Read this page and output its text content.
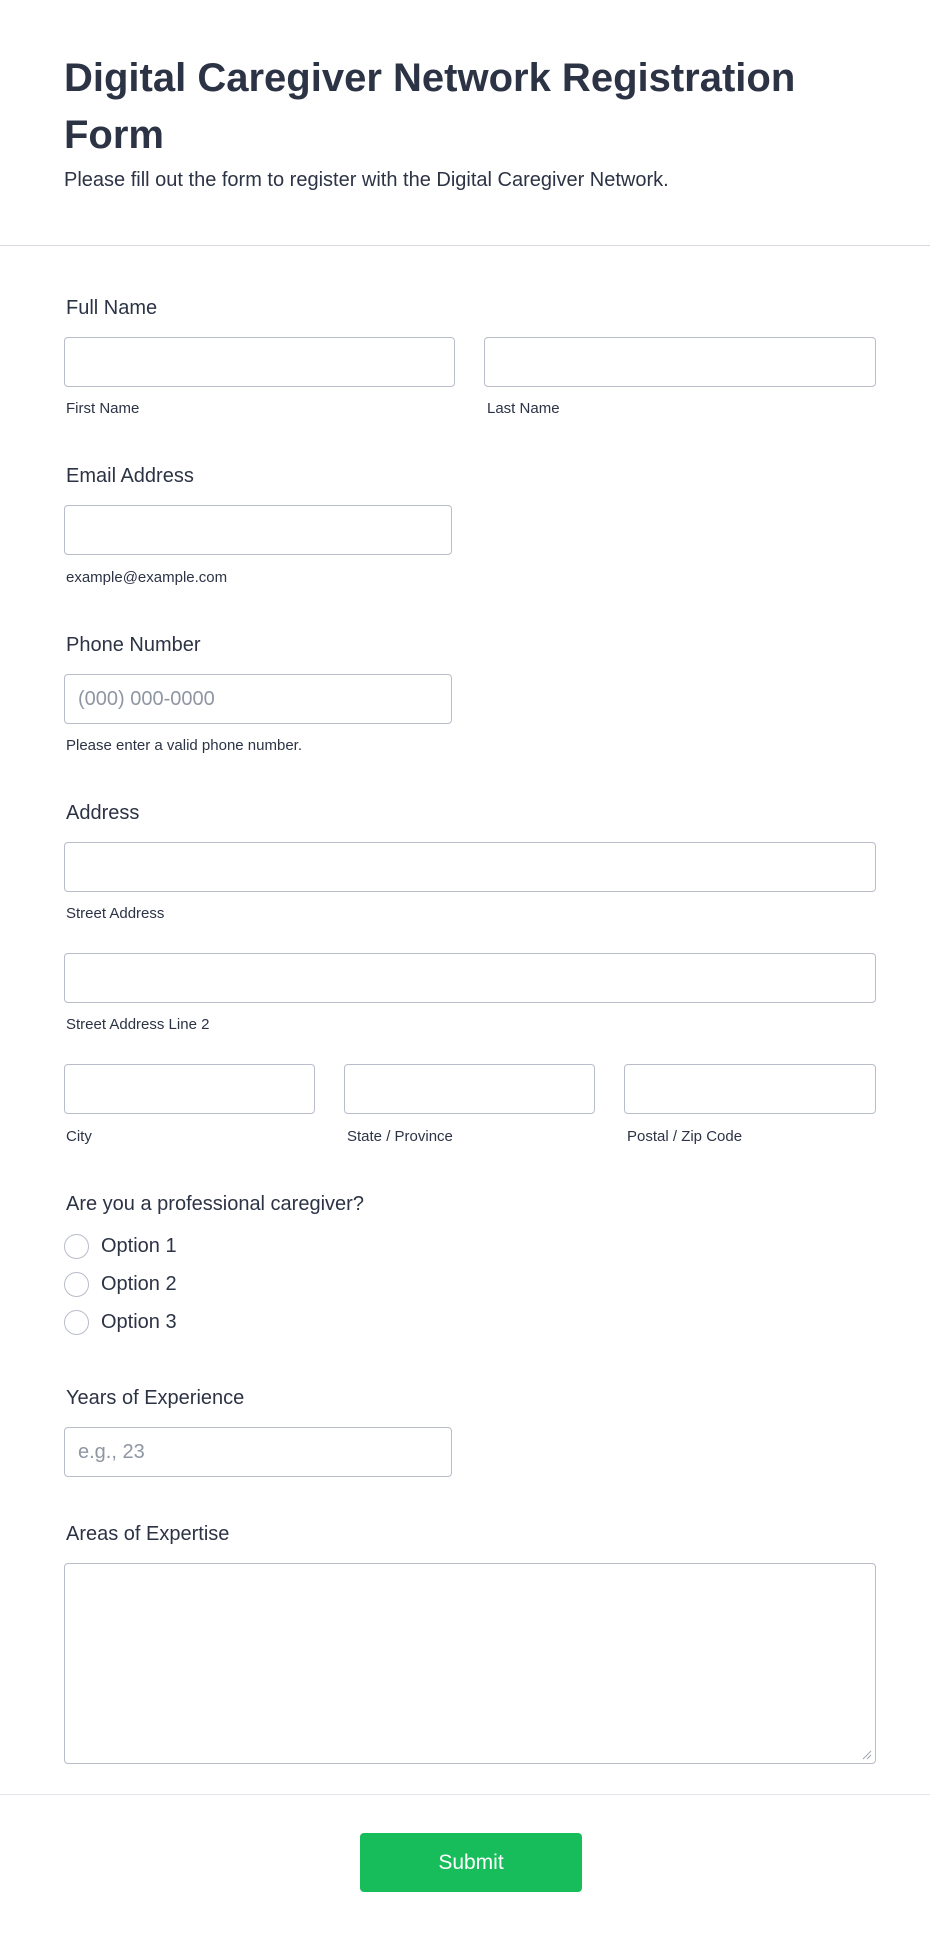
Digital Caregiver Network Registration Form

Please fill out the form to register with the Digital Caregiver Network.

Full Name
First Name	Last Name
Email Address
example@example.com
Phone Number
(000) 000-0000
Please enter a valid phone number.
Address
Street Address
Street Address Line 2
City	State / Province	Postal / Zip Code
Are you a professional caregiver?
Option 1
Option 2
Option 3
Years of Experience
e.g., 23
Areas of Expertise
Submit
